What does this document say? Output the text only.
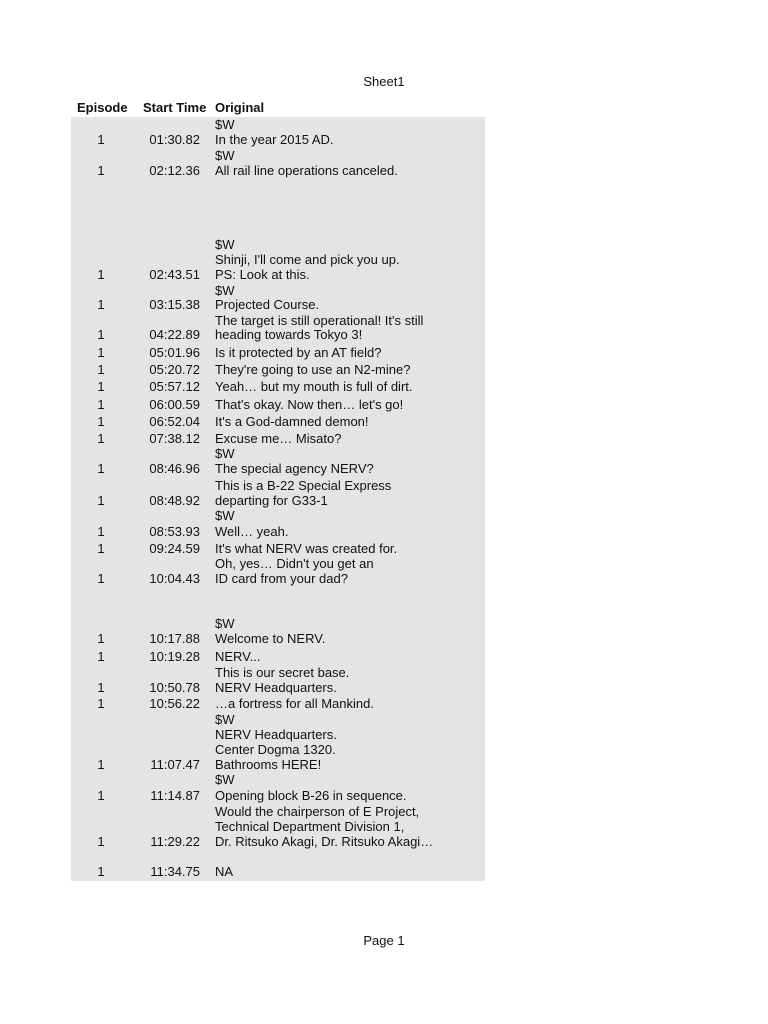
Sheet1
Episode Start Time Original
$W
1	01:30.82 In the year 2015 AD.
$W
1	02:12.36 All rail line operations canceled.
$W
Shinji, I'll come and pick you up.
1	02:43.51 PS: Look at this.
$W
1	03:15.38 Projected Course.
The target is still operational! It's still
1	04:22.89 heading towards Tokyo 3!
1	05:01.96 Is it protected by an AT field?
1	05:20.72 They're going to use an N2-mine?
1	05:57.12 Yeah… but my mouth is full of dirt.
1	06:00.59 That's okay. Now then… let's go!
1	06:52.04 It's a God-damned demon!
1	07:38.12 Excuse me… Misato?
$W
1	08:46.96 The special agency NERV?
This is a B-22 Special Express
1	08:48.92 departing for G33-1
$W
1	08:53.93 Well… yeah.
1	09:24.59 It's what NERV was created for.
Oh, yes… Didn't you get an
1	10:04.43 ID card from your dad?
$W
1	10:17.88 Welcome to NERV.
1	10:19.28 NERV...
This is our secret base.
1	10:50.78 NERV Headquarters.
1	10:56.22 …a fortress for all Mankind.
$W
NERV Headquarters.
Center Dogma 1320.
1	11:07.47 Bathrooms HERE!
$W
1	11:14.87 Opening block B-26 in sequence.
Would the chairperson of E Project,
Technical Department Division 1,
1	11:29.22 Dr. Ritsuko Akagi, Dr. Ritsuko Akagi…
1	11:34.75 NA
Page 1
